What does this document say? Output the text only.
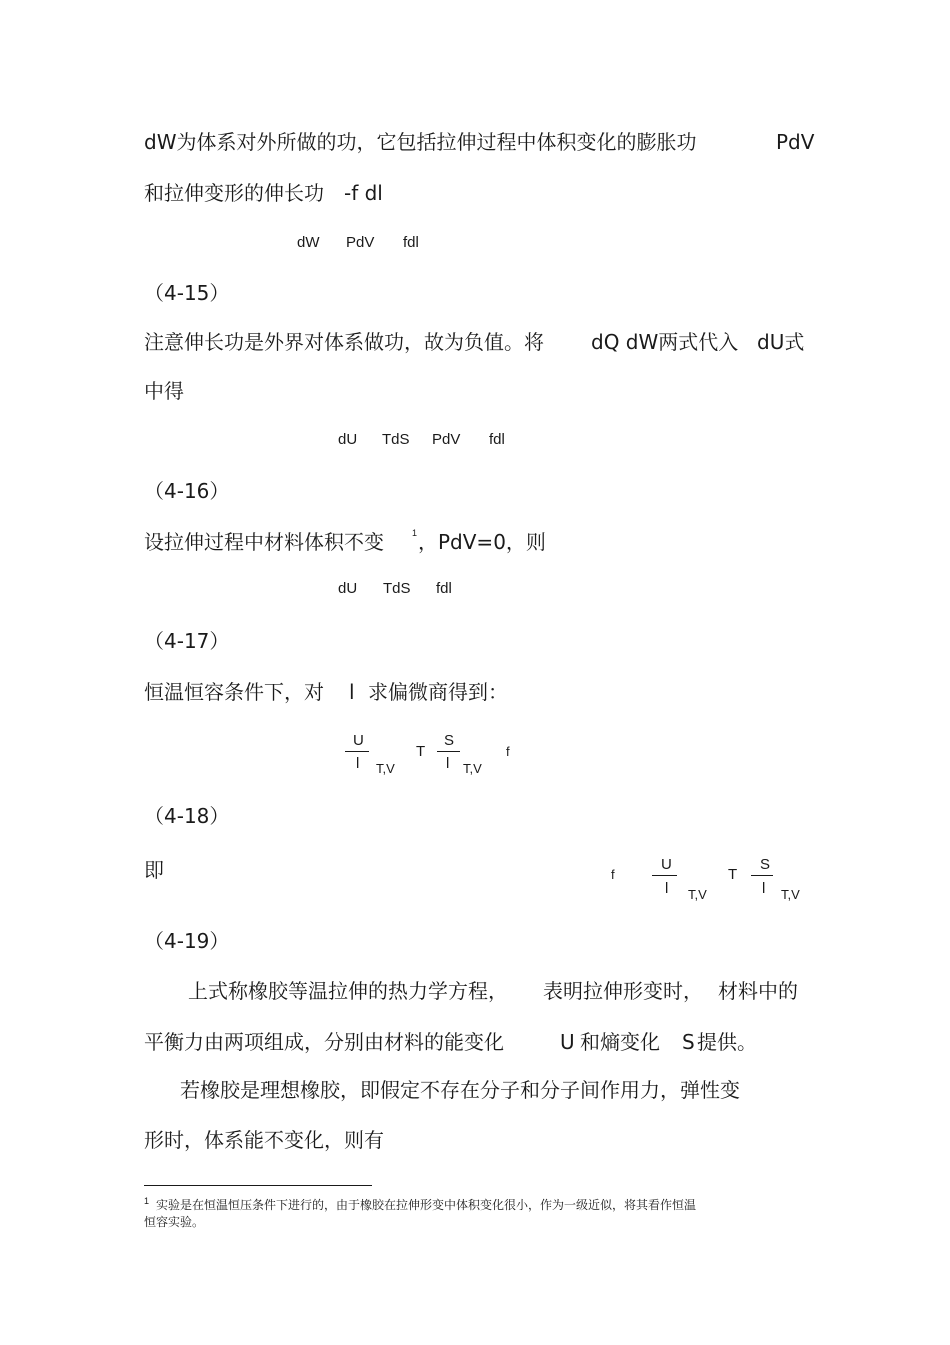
dW为体系对外所做的功，它包括拉伸过程中体积变化的膨胀功	PdV
和拉伸变形的伸长功 -f dl
dW PdV fdl
（4-15）
注意伸长功是外界对体系做功，故为负值。将 dQ dW两式代入 dU式
中得
dU TdS PdV fdl
（4-16）
设拉伸过程中材料体积不变	1 ，PdV=0，则
dU TdS fdl
（4-17）
恒温恒容条件下，对 l 求偏微商得到：
U
l T,V
T
S
l T,V
f
（4-18）
即	f
U
l T,V
T
S
l T,V
（4-19）
上式称橡胶等温拉伸的热力学方程， 表明拉伸形变时， 材料中的
平衡力由两项组成，分别由材料的能变化	U 和熵变化 S 提供。
若橡胶是理想橡胶，即假定不存在分子和分子间作用力，弹性变
形时，体系能不变化，则有
1 实验是在恒温恒压条件下进行的，由于橡胶在拉伸形变中体积变化很小，作为一级近似，将其看作恒温
恒容实验。
